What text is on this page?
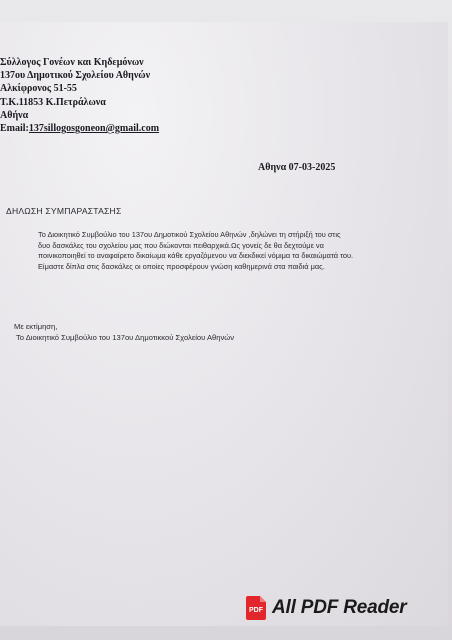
Σύλλογος Γονέων και Κηδεμόνων
137ου Δημοτικού Σχολείου Αθηνών
Αλκίφρονος 51-55
Τ.Κ.11853 Κ.Πετράλωνα
Αθήνα
Email:137sillogosgoneon@gmail.com
Αθηνα 07-03-2025
ΔΗΛΩΣΗ ΣΥΜΠΑΡΑΣΤΑΣΗΣ
Το Διοικητικό Συμβούλιο του 137ου Δημοτικού Σχολείου Αθηνών ,δηλώνει τη στήριξή του στις
δυο δασκάλες του σχολείου μας που διώκονται πειθαρχικά.Ως γονείς δε θα δεχτούμε να
ποινικοποιηθεί το αναφαίρετο δικαίωμα κάθε εργαζόμενου να διεκδικεί νόμιμα τα δικαιώματά του.
Είμαστε δίπλα στις δασκάλες οι οποίες προσφέρουν γνώση καθημερινά στα παιδιά μας.
Με εκτίμηση,
Το Διοικητικό Συμβούλιο του 137ου Δημοτικκού Σχολείου Αθηνών
PDF All PDF Reader
